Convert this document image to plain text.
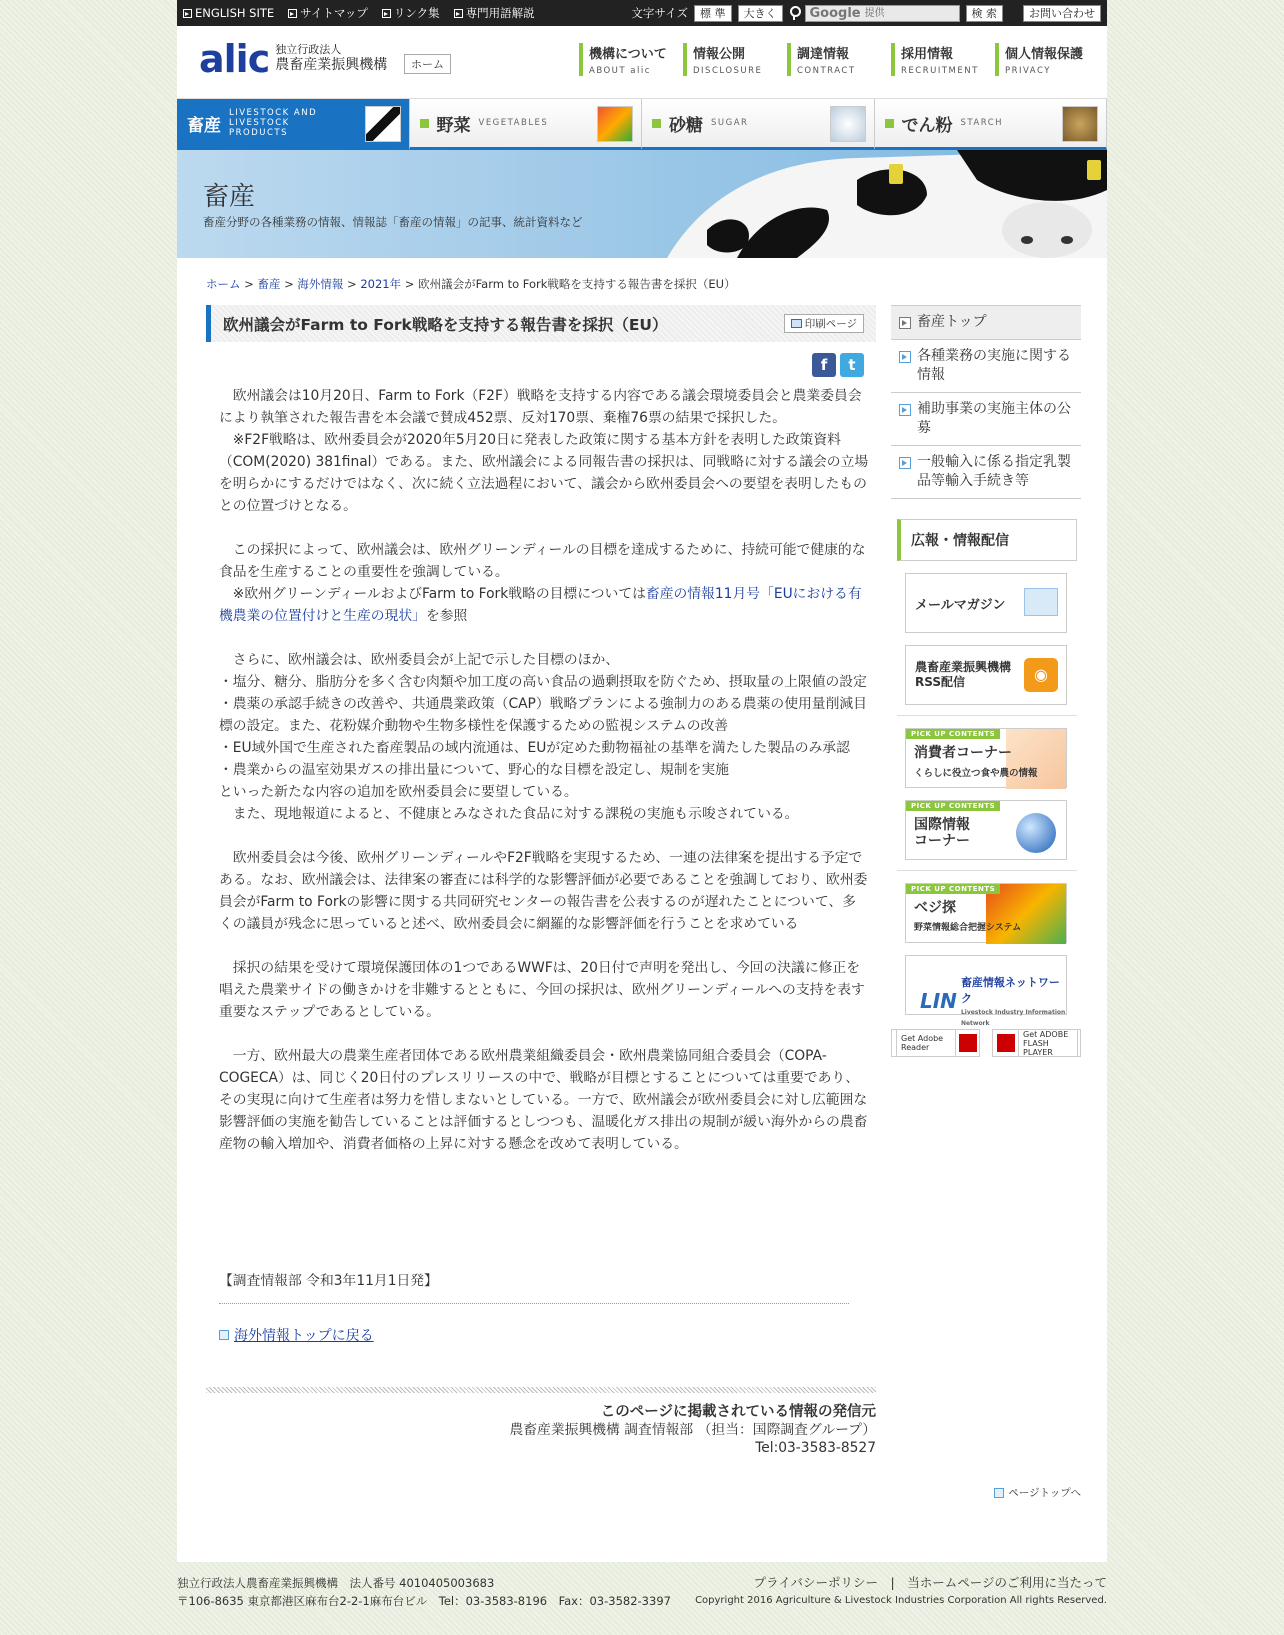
ENGLISH SITE サイトマップ リンク集 専門用語解説	文字サイズ	標 準	大きく	Google 提供	検 索	お問い合わせ
alic 独立行政法人
農畜産業振興機構	ホーム
機構について
ABOUT alic
情報公開
DISCLOSURE
調達情報
CONTRACT
採用情報
RECRUITMENT
個人情報保護
PRIVACY
畜産
LIVESTOCK AND LIVESTOCK PRODUCTS	野菜 VEGETABLES	砂糖 SUGAR	でん粉 STARCH
畜産
畜産分野の各種業務の情報、情報誌「畜産の情報」の記事、統計資料など
ホーム > 畜産 > 海外情報 > 2021年 > 欧州議会がFarm to Fork戦略を支持する報告書を採択（EU）
欧州議会がFarm to Fork戦略を支持する報告書を採択（EU）	印刷ページ
f	t

　欧州議会は10月20日、Farm to Fork（F2F）戦略を支持する内容である議会環境委員会と農業委員会により執筆された報告書を本会議で賛成452票、反対170票、棄権76票の結果で採択した。
　※F2F戦略は、欧州委員会が2020年5月20日に発表した政策に関する基本方針を表明した政策資料（COM(2020) 381final）である。また、欧州議会による同報告書の採択は、同戦略に対する議会の立場を明らかにするだけではなく、次に続く立法過程において、議会から欧州委員会への要望を表明したものとの位置づけとなる。

　この採択によって、欧州議会は、欧州グリーンディールの目標を達成するために、持続可能で健康的な食品を生産することの重要性を強調している。

　※欧州グリーンディールおよびFarm to Fork戦略の目標については畜産の情報11月号「EUにおける有機農業の位置付けと生産の現状」を参照

　さらに、欧州議会は、欧州委員会が上記で示した目標のほか、
・塩分、糖分、脂肪分を多く含む肉類や加工度の高い食品の過剰摂取を防ぐため、摂取量の上限値の設定
・農薬の承認手続きの改善や、共通農業政策（CAP）戦略プランによる強制力のある農薬の使用量削減目標の設定。また、花粉媒介動物や生物多様性を保護するための監視システムの改善
・EU域外国で生産された畜産製品の域内流通は、EUが定めた動物福祉の基準を満たした製品のみ承認
・農業からの温室効果ガスの排出量について、野心的な目標を設定し、規制を実施
といった新たな内容の追加を欧州委員会に要望している。
　また、現地報道によると、不健康とみなされた食品に対する課税の実施も示唆されている。

　欧州委員会は今後、欧州グリーンディールやF2F戦略を実現するため、一連の法律案を提出する予定である。なお、欧州議会は、法律案の審査には科学的な影響評価が必要であることを強調しており、欧州委員会がFarm to Forkの影響に関する共同研究センターの報告書を公表するのが遅れたことについて、多くの議員が残念に思っていると述べ、欧州委員会に網羅的な影響評価を行うことを求めている

　採択の結果を受けて環境保護団体の1つであるWWFは、20日付で声明を発出し、今回の決議に修正を唱えた農業サイドの働きかけを非難するとともに、今回の採択は、欧州グリーンディールへの支持を表す重要なステップであるとしている。

　一方、欧州最大の農業生産者団体である欧州農業組織委員会・欧州農業協同組合委員会（COPA-COGECA）は、同じく20日付のプレスリリースの中で、戦略が目標とすることについては重要であり、その実現に向けて生産者は努力を惜しまないとしている。一方で、欧州議会が欧州委員会に対し広範囲な影響評価の実施を勧告していることは評価するとしつつも、温暖化ガス排出の規制が緩い海外からの農畜産物の輸入増加や、消費者価格の上昇に対する懸念を改めて表明している。

【調査情報部 令和3年11月1日発】
海外情報トップに戻る
このページに掲載されている情報の発信元
農畜産業振興機構 調査情報部 （担当：国際調査グループ）
Tel:03-3583-8527
畜産トップ
各種業務の実施に関する情報
補助事業の実施主体の公募
一般輸入に係る指定乳製品等輸入手続き等
広報・情報配信
メールマガジン
農畜産業振興機構 RSS配信	◉
PICK UP CONTENTS
消費者コーナー
くらしに役立つ食や農の情報
PICK UP CONTENTS
国際情報 コーナー
PICK UP CONTENTS
ベジ探
野菜情報総合把握システム
LIN
畜産情報ネットワーク
Livestock Industry Information Network
Get Adobe Reader
Get ADOBE FLASH PLAYER
ページトップへ
独立行政法人農畜産業振興機構　法人番号 4010405003683
〒106-8635 東京都港区麻布台2-2-1麻布台ビル　Tel：03-3583-8196　Fax：03-3582-3397
プライバシーポリシー　|　当ホームページのご利用に当たって
Copyright 2016 Agriculture & Livestock Industries Corporation All rights Reserved.
